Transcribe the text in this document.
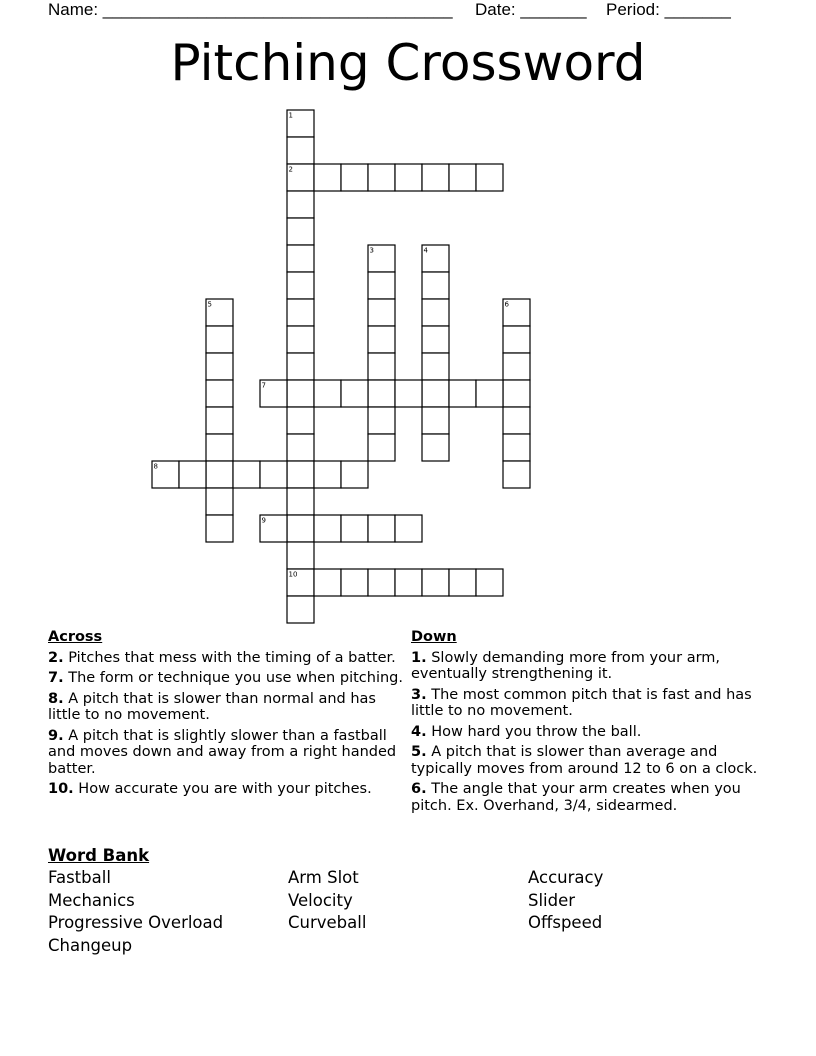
Name: _____________________________________ Date: _______ Period: _______
Pitching Crossword
1
2
3	4
5	6
7
8
9
10
Across
2. Pitches that mess with the timing of a batter.
7. The form or technique you use when pitching.
8. A pitch that is slower than normal and has little to no movement.
9. A pitch that is slightly slower than a fastball and moves down and away from a right handed batter.
10. How accurate you are with your pitches.
Down
1. Slowly demanding more from your arm, eventually strengthening it.
3. The most common pitch that is fast and has little to no movement.
4. How hard you throw the ball.
5. A pitch that is slower than average and typically moves from around 12 to 6 on a clock.
6. The angle that your arm creates when you pitch. Ex. Overhand, 3/4, sidearmed.
Word Bank
Fastball	Arm Slot	Accuracy
Mechanics	Velocity	Slider
Progressive Overload	Curveball	Offspeed
Changeup
